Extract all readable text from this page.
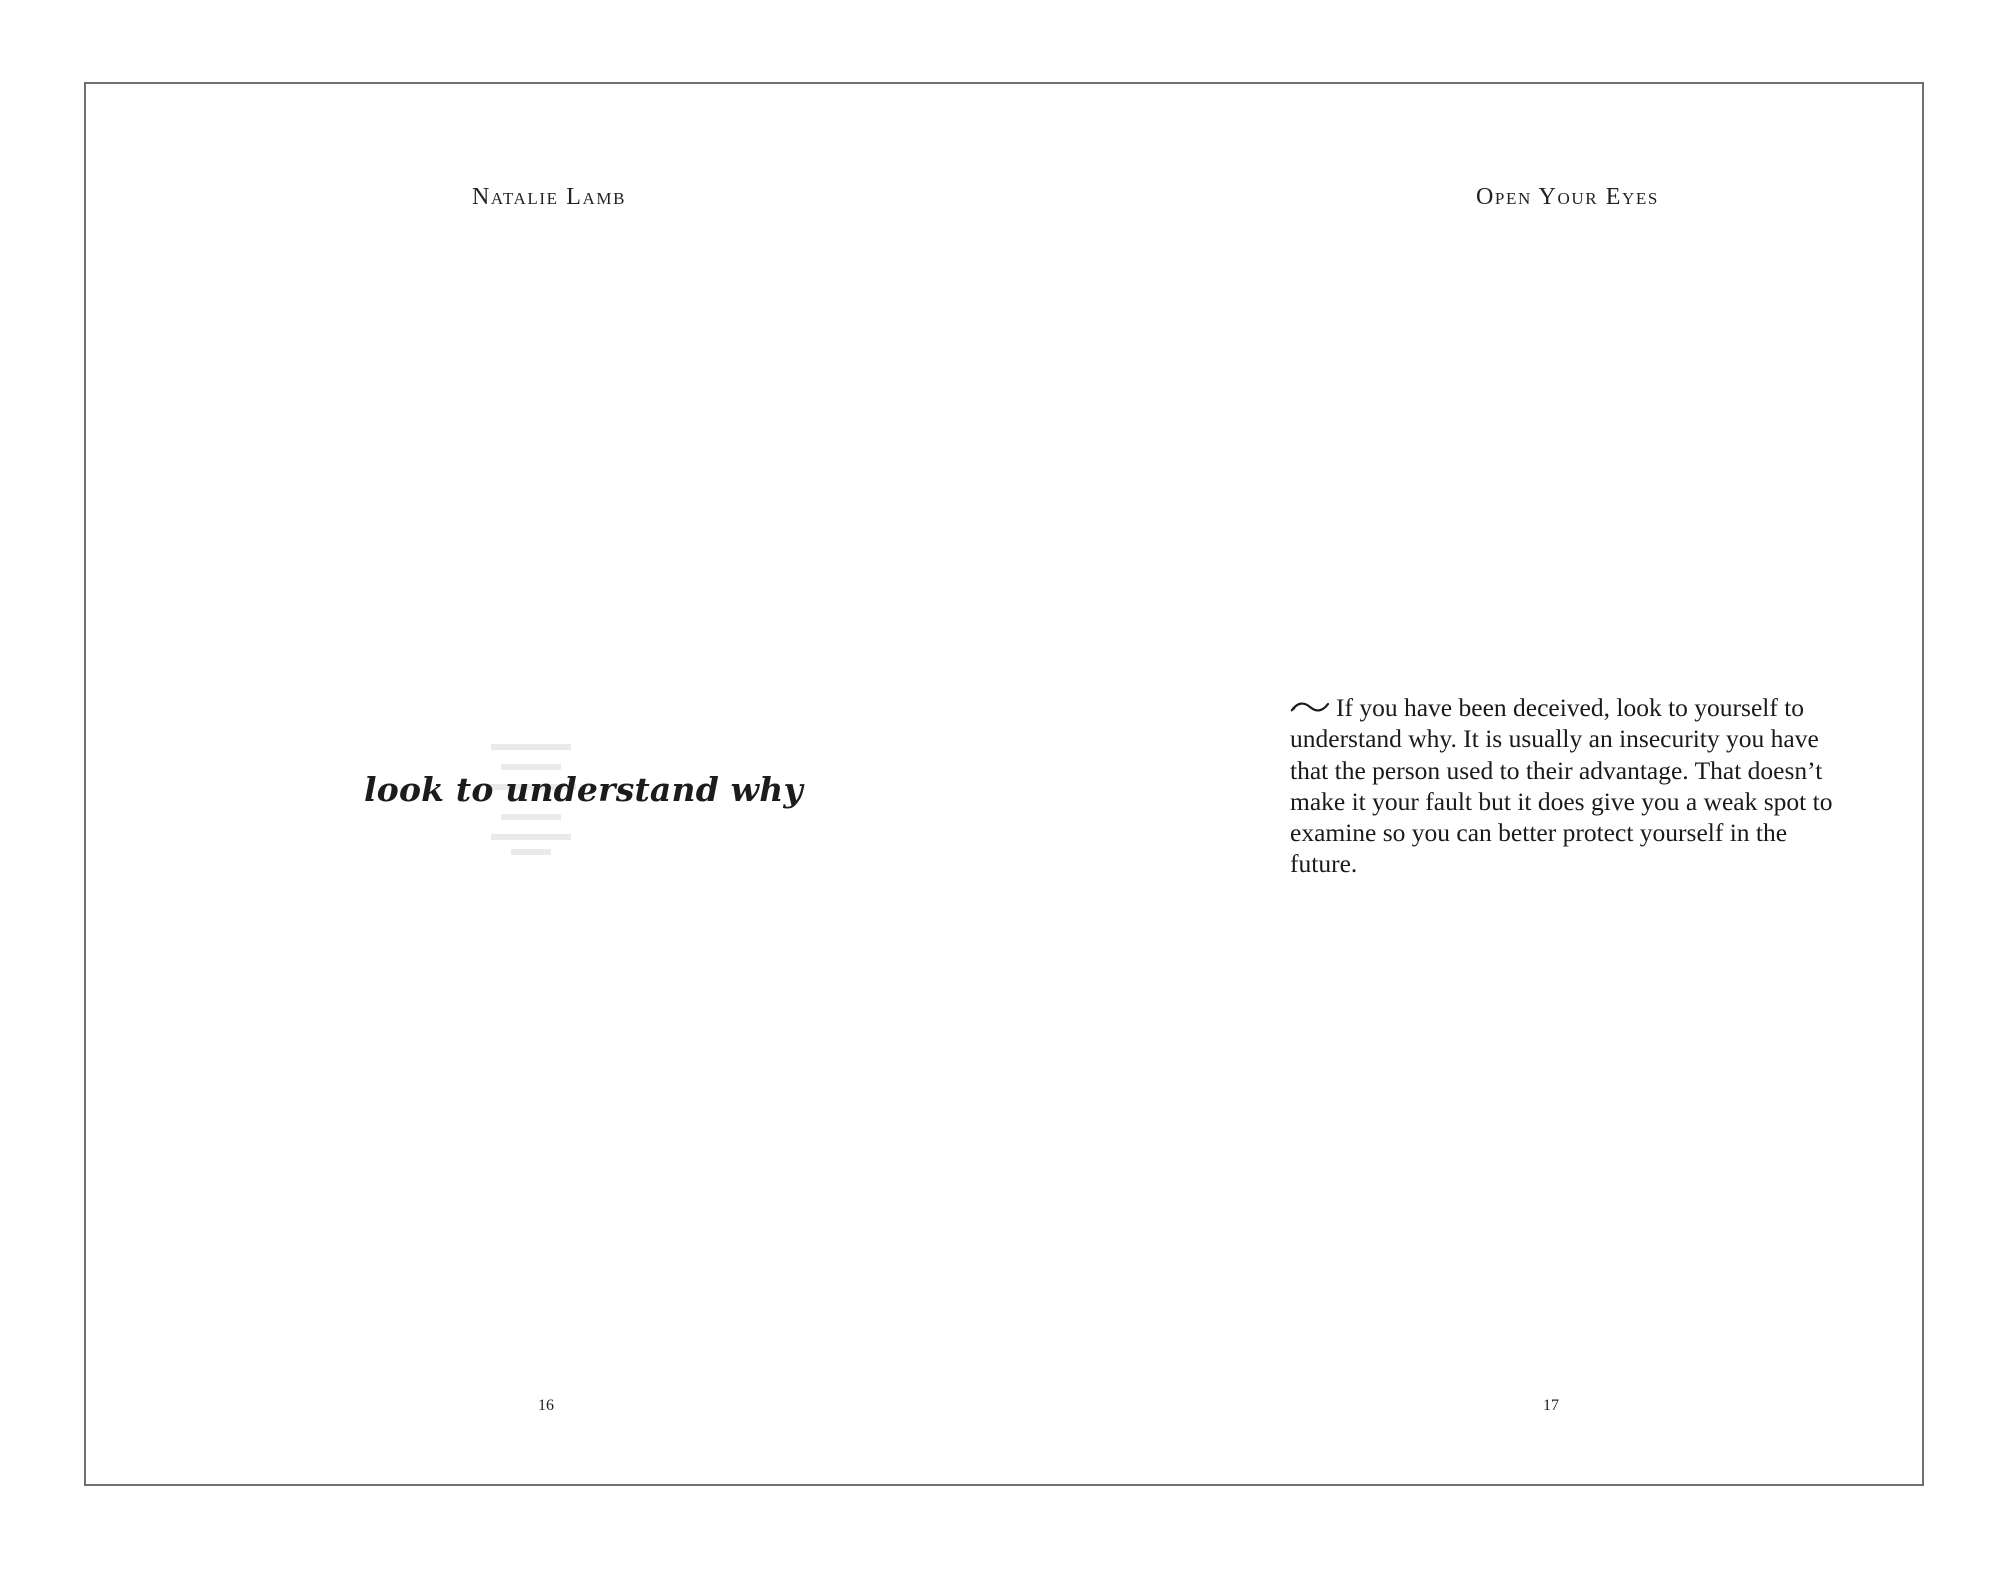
Natalie Lamb
look to understand why
16
Open Your Eyes

If you have been deceived, look to yourself to understand why. It is usually an insecurity you have that the person used to their advantage. That doesn’t make it your fault but it does give you a weak spot to examine so you can better protect yourself in the future.

17
